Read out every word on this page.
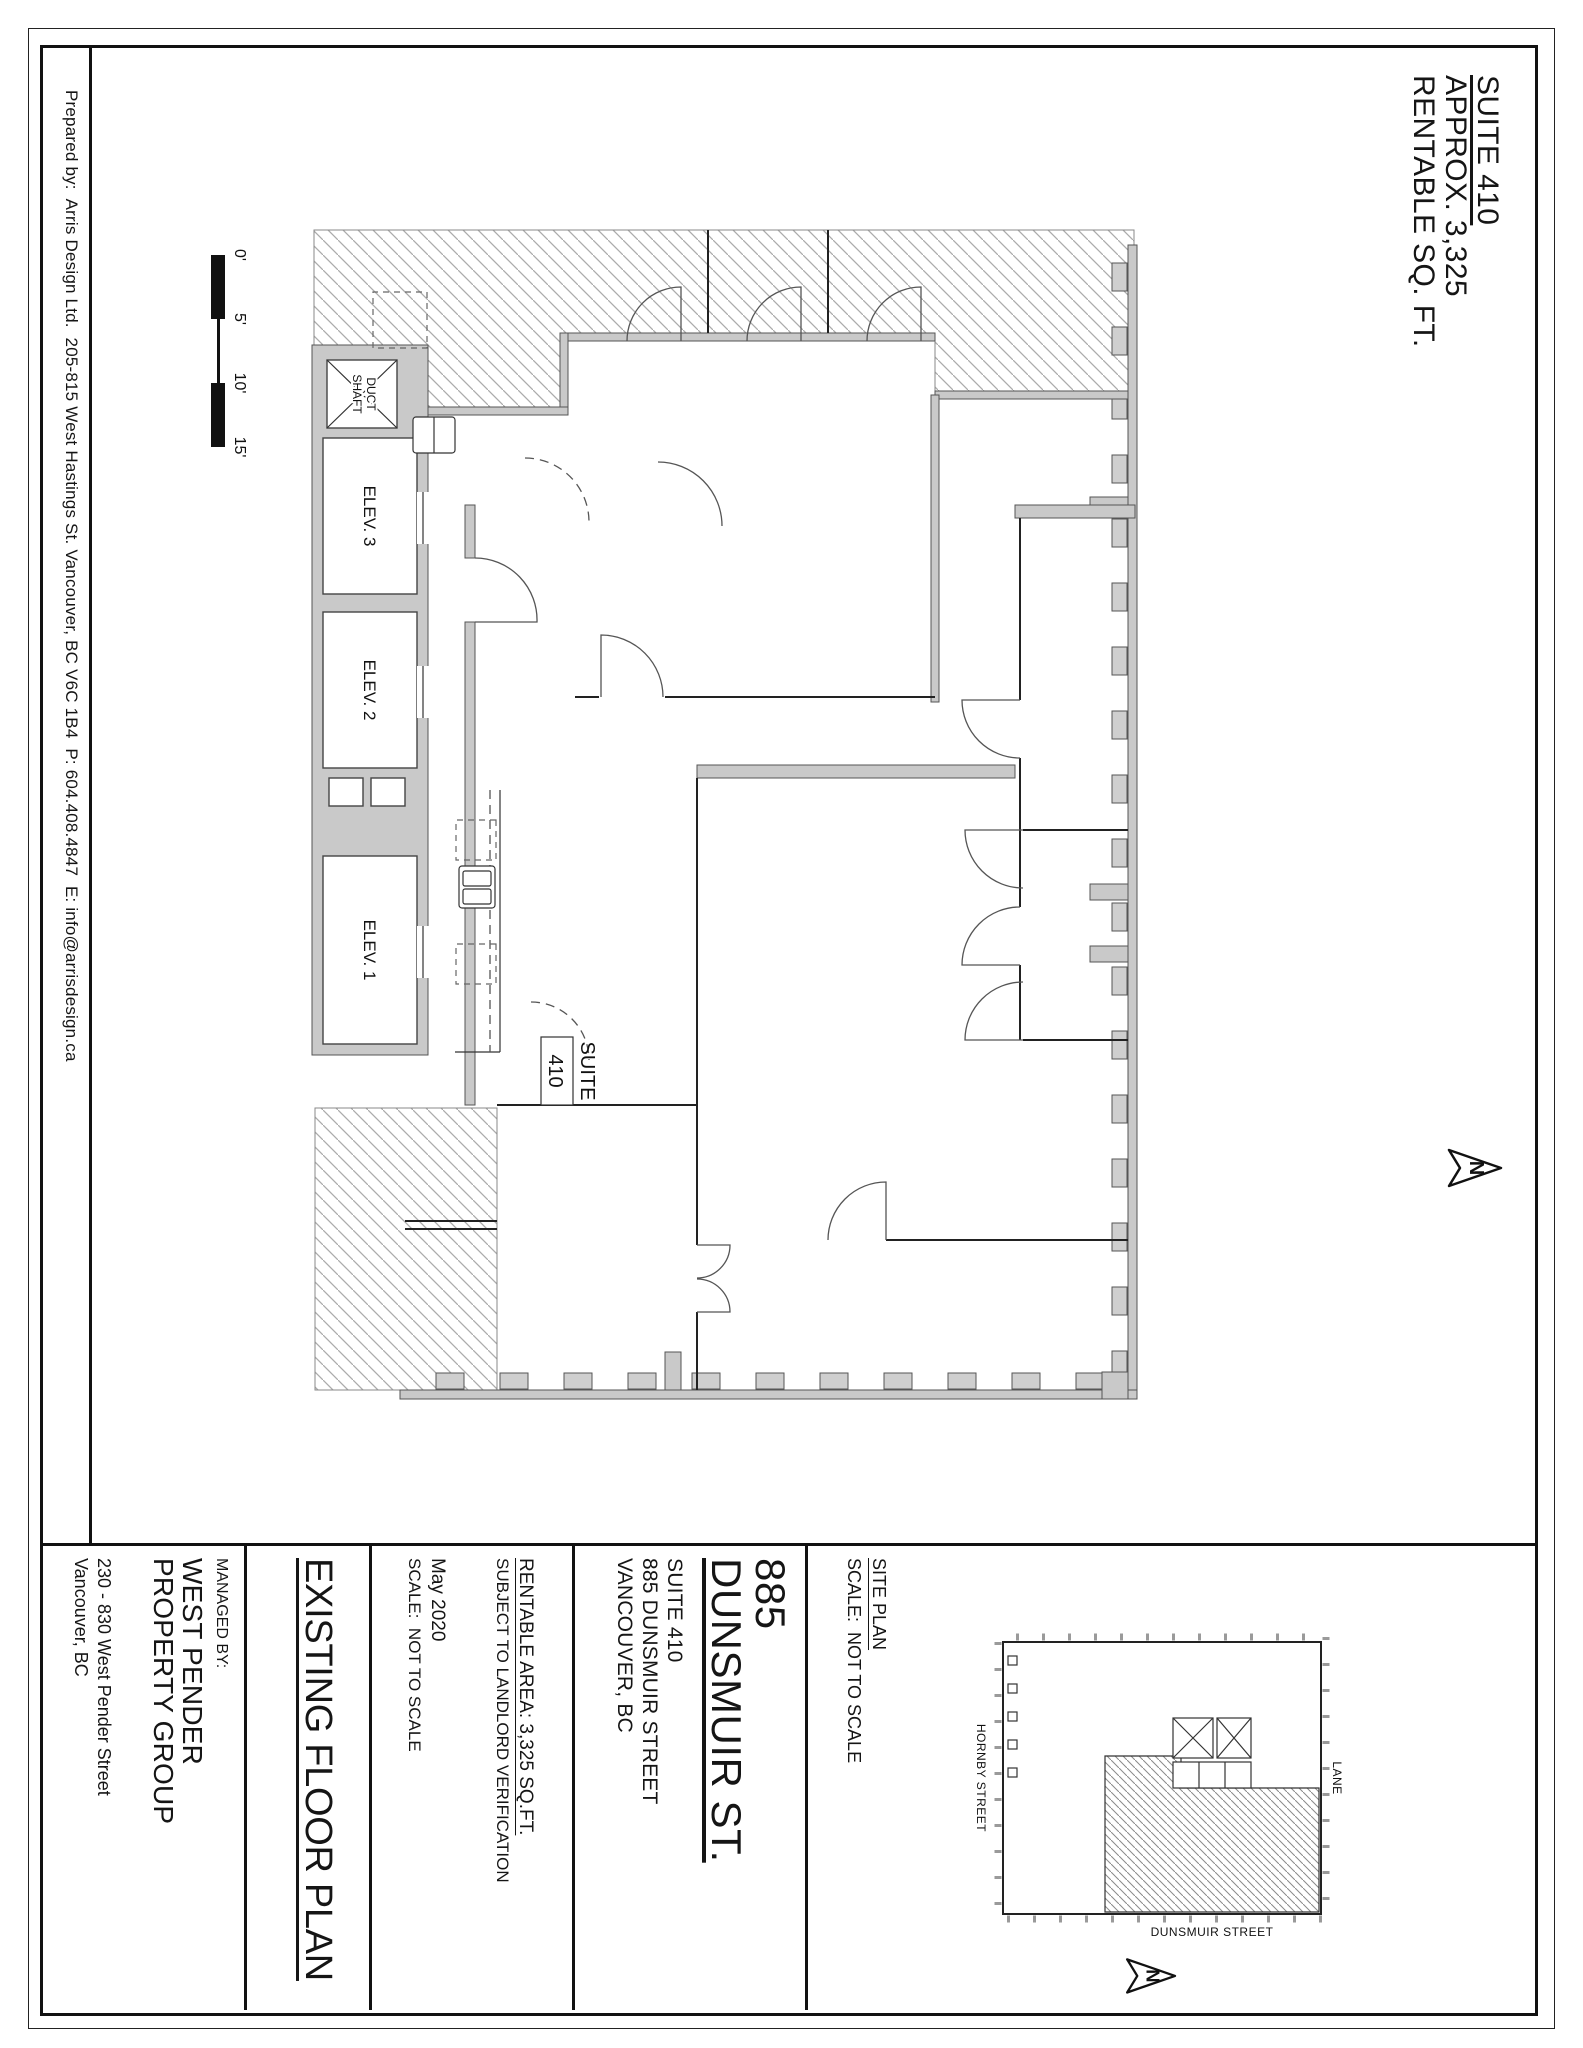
DUCT
SHAFT
ELEV. 3
ELEV. 2
ELEV. 1
SUITE
410
0'
5'
10'
15'
N
LANE
HORNBY STREET
DUNSMUIR STREET
N
SUITE 410
APPROX. 3,325
RENTABLE SQ. FT.
Prepared by:  Arris Design Ltd.  205-815 West Hastings St. Vancouver, BC V6C 1B4  P: 604.408.4847  E: info@arrisdesign.ca
SITE PLAN
SCALE:  NOT TO SCALE
885
DUNSMUIR ST.
SUITE 410
885 DUNSMUIR STREET
VANCOUVER, BC
RENTABLE AREA: 3,325 SQ.FT.
SUBJECT TO LANDLORD VERIFICATION
May 2020
SCALE:  NOT TO SCALE
EXISTING FLOOR PLAN
MANAGED BY:
WEST PENDER
PROPERTY GROUP
230 - 830 West Pender Street
Vancouver, BC
